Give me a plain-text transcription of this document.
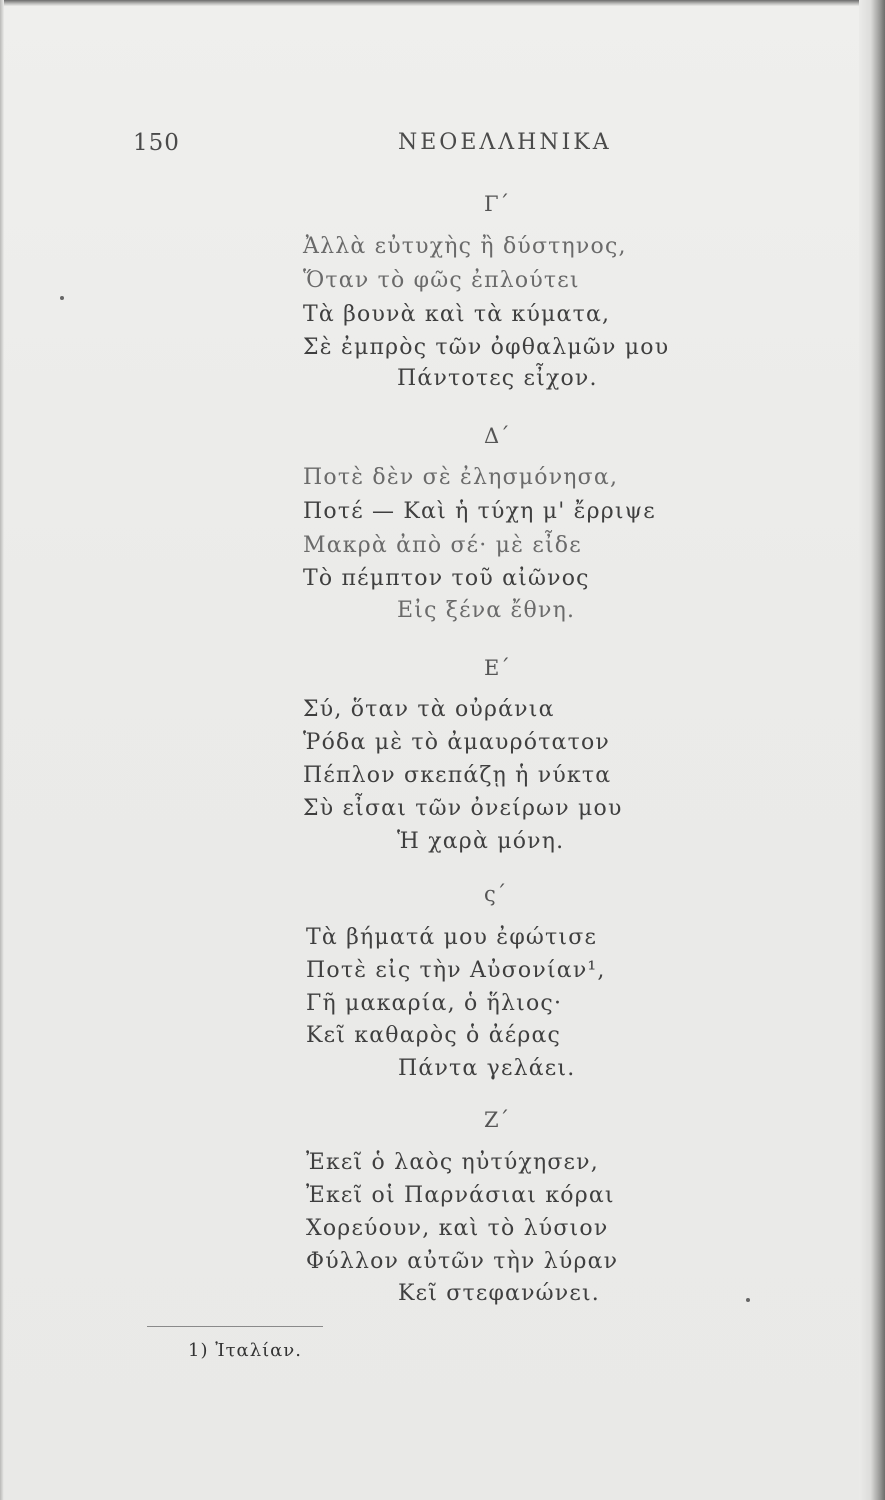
150	ΝΕΟΕΛΛΗΝΙΚΑ
Γ΄
Ἀλλὰ εὐτυχὴς ἢ δύστηνος,
Ὅταν τὸ φῶς ἐπλούτει
Τὰ βουνὰ καὶ τὰ κύματα,
Σὲ ἐμπρὸς τῶν ὀφθαλμῶν μου
Πάντοτες εἶχον.
Δ΄
Ποτὲ δὲν σὲ ἐλησμόνησα,
Ποτέ — Καὶ ἡ τύχη μ' ἔρριψε
Μακρὰ ἀπὸ σέ· μὲ εἶδε
Τὸ πέμπτον τοῦ αἰῶνος
Εἰς ξένα ἔθνη.
Ε΄
Σύ, ὅταν τὰ οὐράνια
Ῥόδα μὲ τὸ ἀμαυρότατον
Πέπλον σκεπάζῃ ἡ νύκτα
Σὺ εἶσαι τῶν ὀνείρων μου
Ἡ χαρὰ μόνη.
ς΄
Τὰ βήματά μου ἐφώτισε
Ποτὲ εἰς τὴν Αὐσονίαν¹,
Γῆ μακαρία, ὁ ἥλιος·
Κεῖ καθαρὸς ὁ ἀέρας
Πάντα γελάει.
Ζ΄
Ἐκεῖ ὁ λαὸς ηὐτύχησεν,
Ἐκεῖ οἱ Παρνάσιαι κόραι
Χορεύουν, καὶ τὸ λύσιον
Φύλλον αὐτῶν τὴν λύραν
Κεῖ στεφανώνει.
1) Ἰταλίαν.
